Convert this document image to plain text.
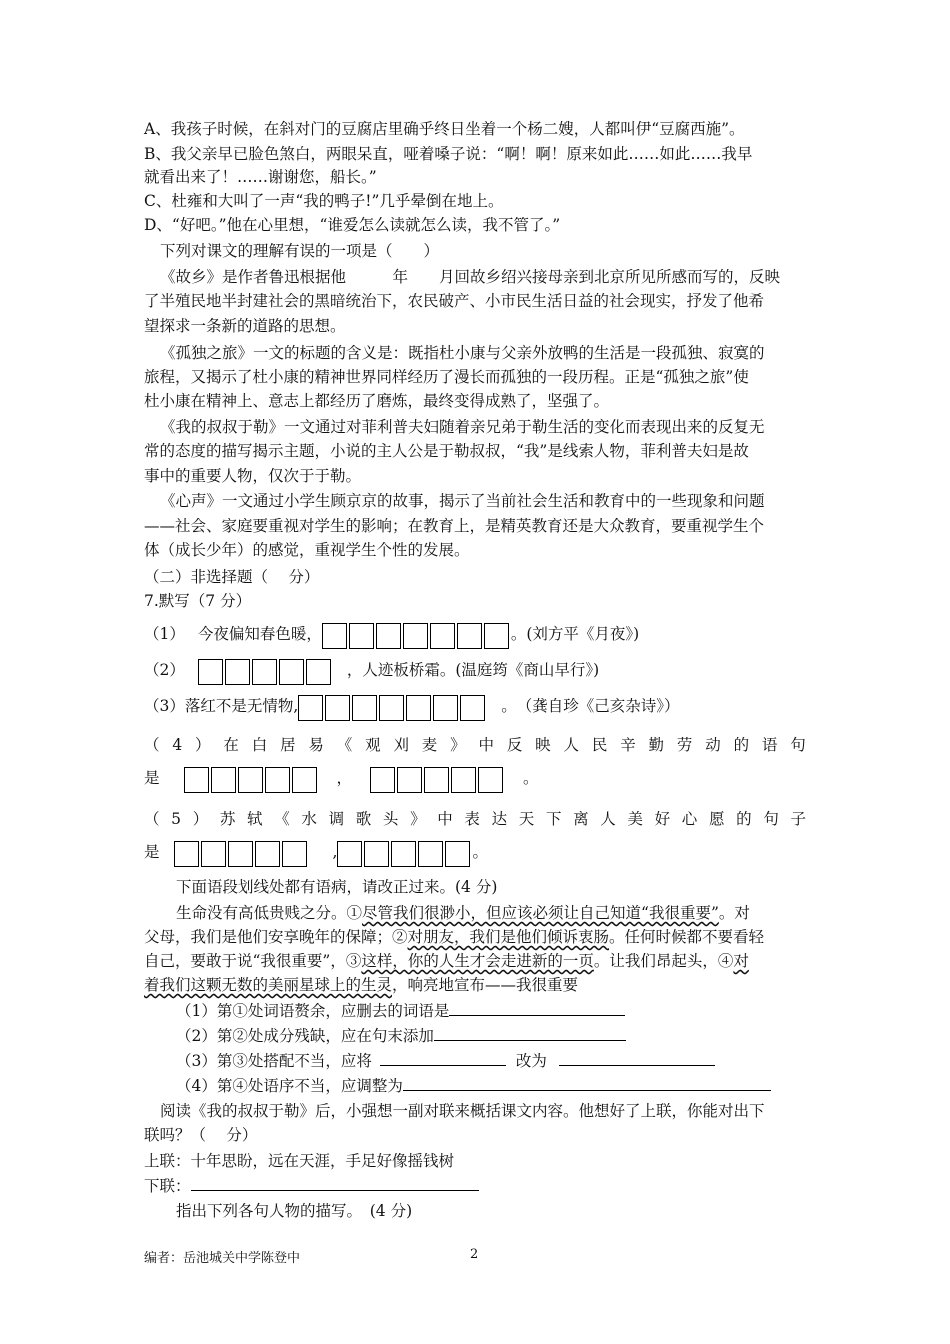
A、我孩子时候，在斜对门的豆腐店里确乎终日坐着一个杨二嫂，人都叫伊“豆腐西施”。
B、我父亲早已脸色煞白，两眼呆直，哑着嗓子说：“啊！啊！原来如此……如此……我早
就看出来了！……谢谢您，船长。”
C、杜雍和大叫了一声“我的鸭子!”几乎晕倒在地上。
D、“好吧。”他在心里想，“谁爱怎么读就怎么读，我不管了。”
下列对课文的理解有误的一项是（　　）
《故乡》是作者鲁迅根据他　　　年　　月回故乡绍兴接母亲到北京所见所感而写的，反映
了半殖民地半封建社会的黑暗统治下，农民破产、小市民生活日益的社会现实，抒发了他希
望探求一条新的道路的思想。
《孤独之旅》一文的标题的含义是：既指杜小康与父亲外放鸭的生活是一段孤独、寂寞的
旅程，又揭示了杜小康的精神世界同样经历了漫长而孤独的一段历程。正是“孤独之旅”使
杜小康在精神上、意志上都经历了磨炼，最终变得成熟了，坚强了。
《我的叔叔于勒》一文通过对菲利普夫妇随着亲兄弟于勒生活的变化而表现出来的反复无
常的态度的描写揭示主题，小说的主人公是于勒叔叔，“我”是线索人物，菲利普夫妇是故
事中的重要人物，仅次于于勒。
《心声》一文通过小学生顾京京的故事，揭示了当前社会生活和教育中的一些现象和问题
——社会、家庭要重视对学生的影响；在教育上，是精英教育还是大众教育，要重视学生个
体（成长少年）的感觉，重视学生个性的发展。
（二）非选择题（　 分）
7.默写（7 分）
（1） 今夜偏知春色暖，	。(刘方平《月夜》)
（2）	，人迹板桥霜。(温庭筠《商山早行》)
（3）落红不是无情物,	。　（龚自珍《己亥杂诗》）
（ 4 ） 在 白 居 易 《 观 刈 麦 》 中 反 映 人 民 辛 勤 劳 动 的 语 句
是	，	。
（ 5 ） 苏 轼 《 水 调 歌 头 》 中 表 达 天 下 离 人 美 好 心 愿 的 句 子
是	,	。
下面语段划线处都有语病，请改正过来。(4 分)
生命没有高低贵贱之分。①尽管我们很渺小，但应该必须让自己知道“我很重要”。对
父母，我们是他们安享晚年的保障；②对朋友，我们是他们倾诉衷肠。任何时候都不要看轻
自己，要敢于说“我很重要”，③这样，你的人生才会走进新的一页。让我们昂起头，④对
着我们这颗无数的美丽星球上的生灵，响亮地宣布——我很重要
（1）第①处词语赘余，应删去的词语是
（2）第②处成分残缺，应在句末添加
（3）第③处搭配不当，应将	改为
（4）第④处语序不当，应调整为
阅读《我的叔叔于勒》后，小强想一副对联来概括课文内容。他想好了上联，你能对出下
联吗？（　 分）
上联：十年思盼，远在天涯，手足好像摇钱树
下联：
指出下列各句人物的描写。　(4 分)
编者：岳池城关中学陈登中	2
